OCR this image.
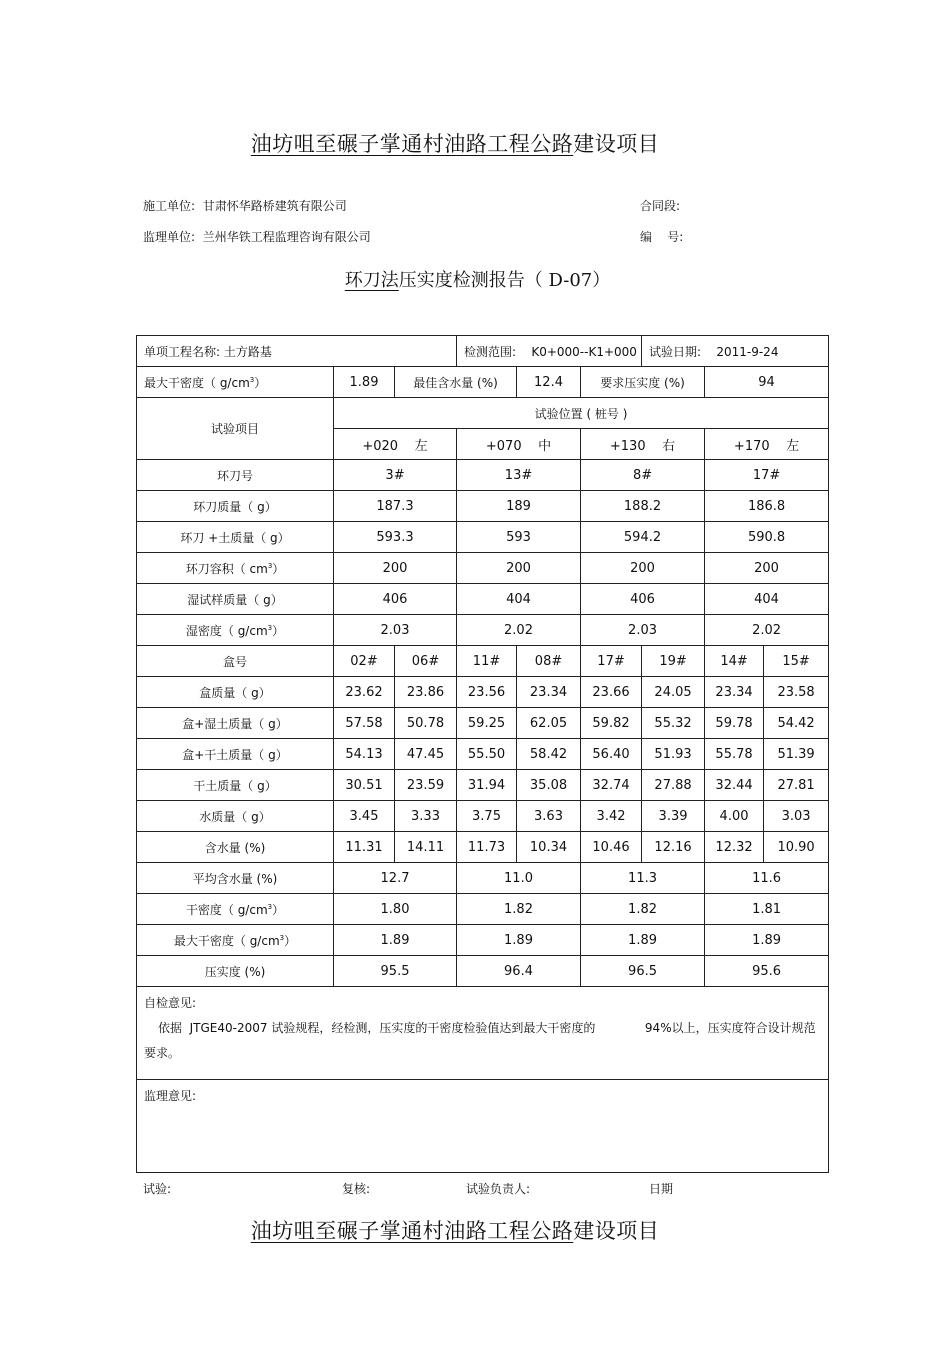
油坊咀至碾子掌通村油路工程公路建设项目
施工单位: 甘肃怀华路桥建筑有限公司	合同段:
监理单位: 兰州华铁工程监理咨询有限公司	编    号:
环刀法压实度检测报告（ D-07）
单项工程名称: 土方路基			检测范围: K0+000--K1+000			试验日期: 2011-9-24		
最大干密度（ $g/cm^3$）	1.89	最佳含水量 (%)		12.4	要求压实度 (%)		94	
试验项目	试验位置 ( 桩号 )							
	+020    左		+070    中		+130    右		+170    左	
环刀号	3#		13#		8#		17#	
环刀质量（ g）	187.3		189		188.2		186.8	
环刀 +土质量（ g）	593.3		593		594.2		590.8	
环刀容积（ $cm^3$）	200		200		200		200	
湿试样质量（ g）	406		404		406		404	
湿密度（ $g/cm^3$）	2.03		2.02		2.03		2.02	
盒号	02#	06#	11#	08#	17#	19#	14#	15#
盒质量（ g）	23.62	23.86	23.56	23.34	23.66	24.05	23.34	23.58
盒+湿土质量（ g）	57.58	50.78	59.25	62.05	59.82	55.32	59.78	54.42
盒+干土质量（ g）	54.13	47.45	55.50	58.42	56.40	51.93	55.78	51.39
干土质量（ g）	30.51	23.59	31.94	35.08	32.74	27.88	32.44	27.81
水质量（ g）	3.45	3.33	3.75	3.63	3.42	3.39	4.00	3.03
含水量 (%)	11.31	14.11	11.73	10.34	10.46	12.16	12.32	10.90
平均含水量 (%)	12.7		11.0		11.3		11.6	
干密度（ $g/cm^3$）	1.80		1.82		1.82		1.81	
最大干密度（ $g/cm^3$）	1.89		1.89		1.89		1.89	
压实度 (%)	95.5		96.4		96.5		95.6	

自检意见:
依据  JTGE40-2007 试验规程，经检测，压实度的干密度检验值达到最大干密度的             94%以上，压实度符合设计规范要求。								

监理意见:								
试验:	复核:	试验负责人:	日期
油坊咀至碾子掌通村油路工程公路建设项目
